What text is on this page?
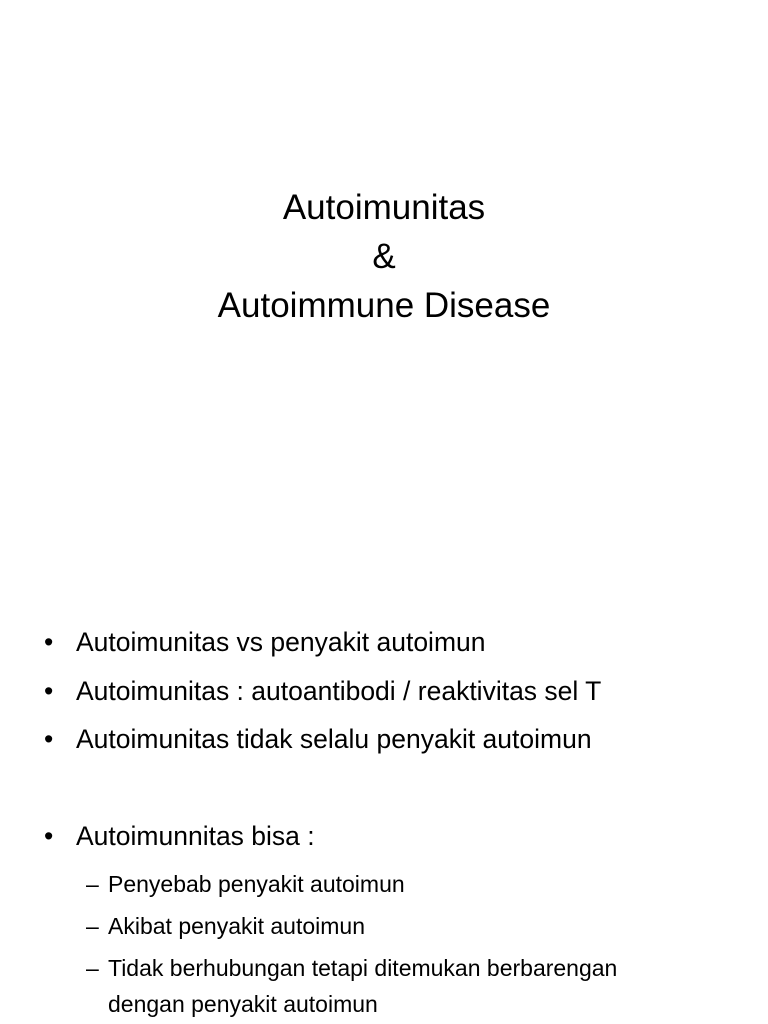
Autoimunitas
&
Autoimmune Disease
• Autoimunitas vs penyakit autoimun
• Autoimunitas : autoantibodi / reaktivitas sel T
• Autoimunitas tidak selalu penyakit autoimun
• Autoimunnitas bisa :
– Penyebab penyakit autoimun
– Akibat penyakit autoimun
– Tidak berhubungan tetapi ditemukan berbarengan
dengan penyakit autoimun
